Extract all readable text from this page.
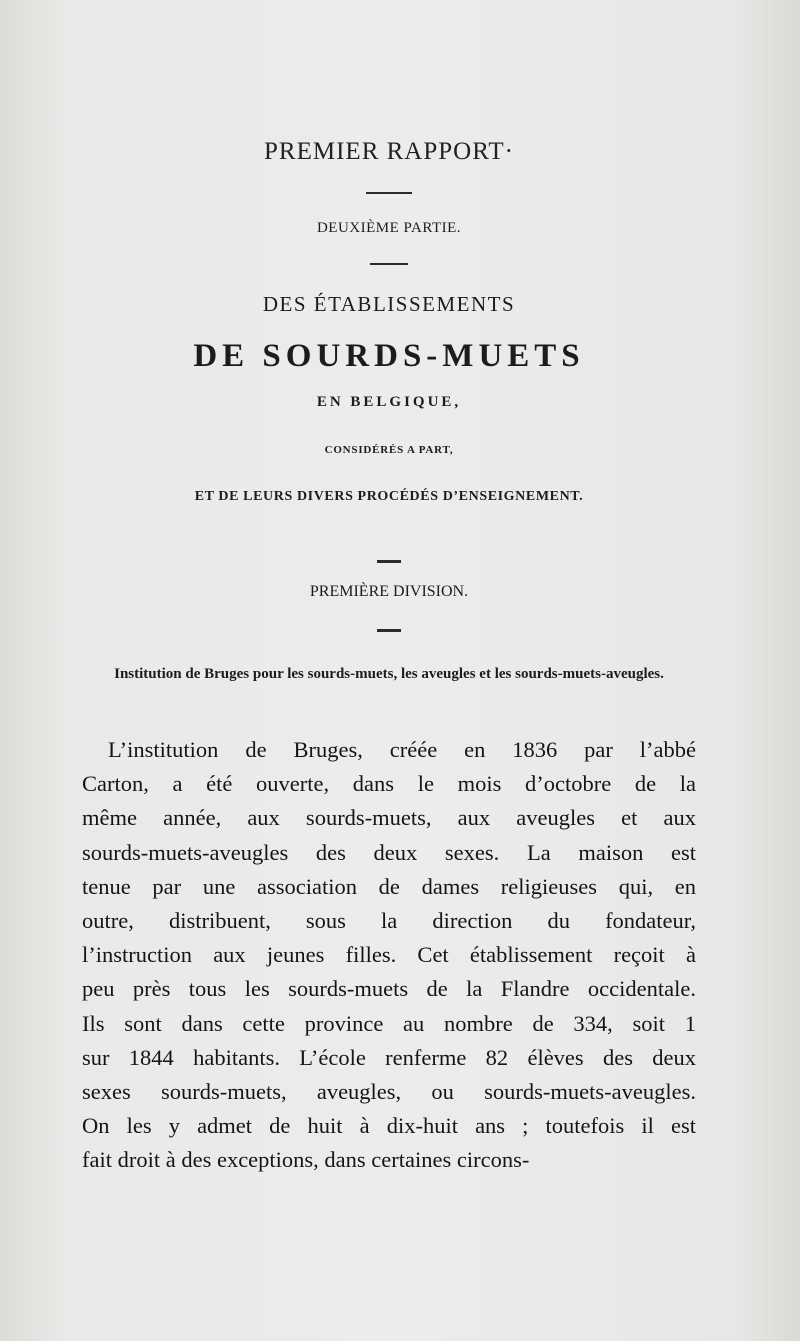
PREMIER RAPPORT·
DEUXIÈME PARTIE.
DES ÉTABLISSEMENTS
DE SOURDS-MUETS
EN BELGIQUE,
CONSIDÉRÉS A PART,
ET DE LEURS DIVERS PROCÉDÉS D’ENSEIGNEMENT.
PREMIÈRE DIVISION.
Institution de Bruges pour les sourds-muets, les aveugles et les sourds-muets-aveugles.
L’institution de Bruges, créée en 1836 par l’abbé
Carton, a été ouverte, dans le mois d’octobre de la
même année, aux sourds-muets, aux aveugles et aux
sourds-muets-aveugles des deux sexes. La maison est
tenue par une association de dames religieuses qui, en
outre, distribuent, sous la direction du fondateur,
l’instruction aux jeunes filles. Cet établissement reçoit à
peu près tous les sourds-muets de la Flandre occidentale.
Ils sont dans cette province au nombre de 334, soit 1
sur 1844 habitants. L’école renferme 82 élèves des deux
sexes sourds-muets, aveugles, ou sourds-muets-aveugles.
On les y admet de huit à dix-huit ans ; toutefois il est
fait droit à des exceptions, dans certaines circons-
